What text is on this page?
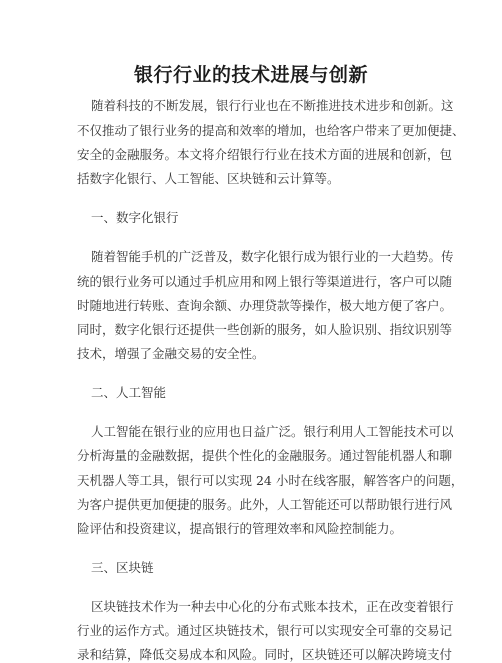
银行行业的技术进展与创新
随着科技的不断发展，银行行业也在不断推进技术进步和创新。这
不仅推动了银行业务的提高和效率的增加，也给客户带来了更加便捷、
安全的金融服务。本文将介绍银行行业在技术方面的进展和创新，包
括数字化银行、人工智能、区块链和云计算等。
一、数字化银行
随着智能手机的广泛普及，数字化银行成为银行业的一大趋势。传
统的银行业务可以通过手机应用和网上银行等渠道进行，客户可以随
时随地进行转账、查询余额、办理贷款等操作，极大地方便了客户。
同时，数字化银行还提供一些创新的服务，如人脸识别、指纹识别等
技术，增强了金融交易的安全性。
二、人工智能
人工智能在银行业的应用也日益广泛。银行利用人工智能技术可以
分析海量的金融数据，提供个性化的金融服务。通过智能机器人和聊
天机器人等工具，银行可以实现 24 小时在线客服，解答客户的问题，
为客户提供更加便捷的服务。此外，人工智能还可以帮助银行进行风
险评估和投资建议，提高银行的管理效率和风险控制能力。
三、区块链
区块链技术作为一种去中心化的分布式账本技术，正在改变着银行
行业的运作方式。通过区块链技术，银行可以实现安全可靠的交易记
录和结算，降低交易成本和风险。同时，区块链还可以解决跨境支付
